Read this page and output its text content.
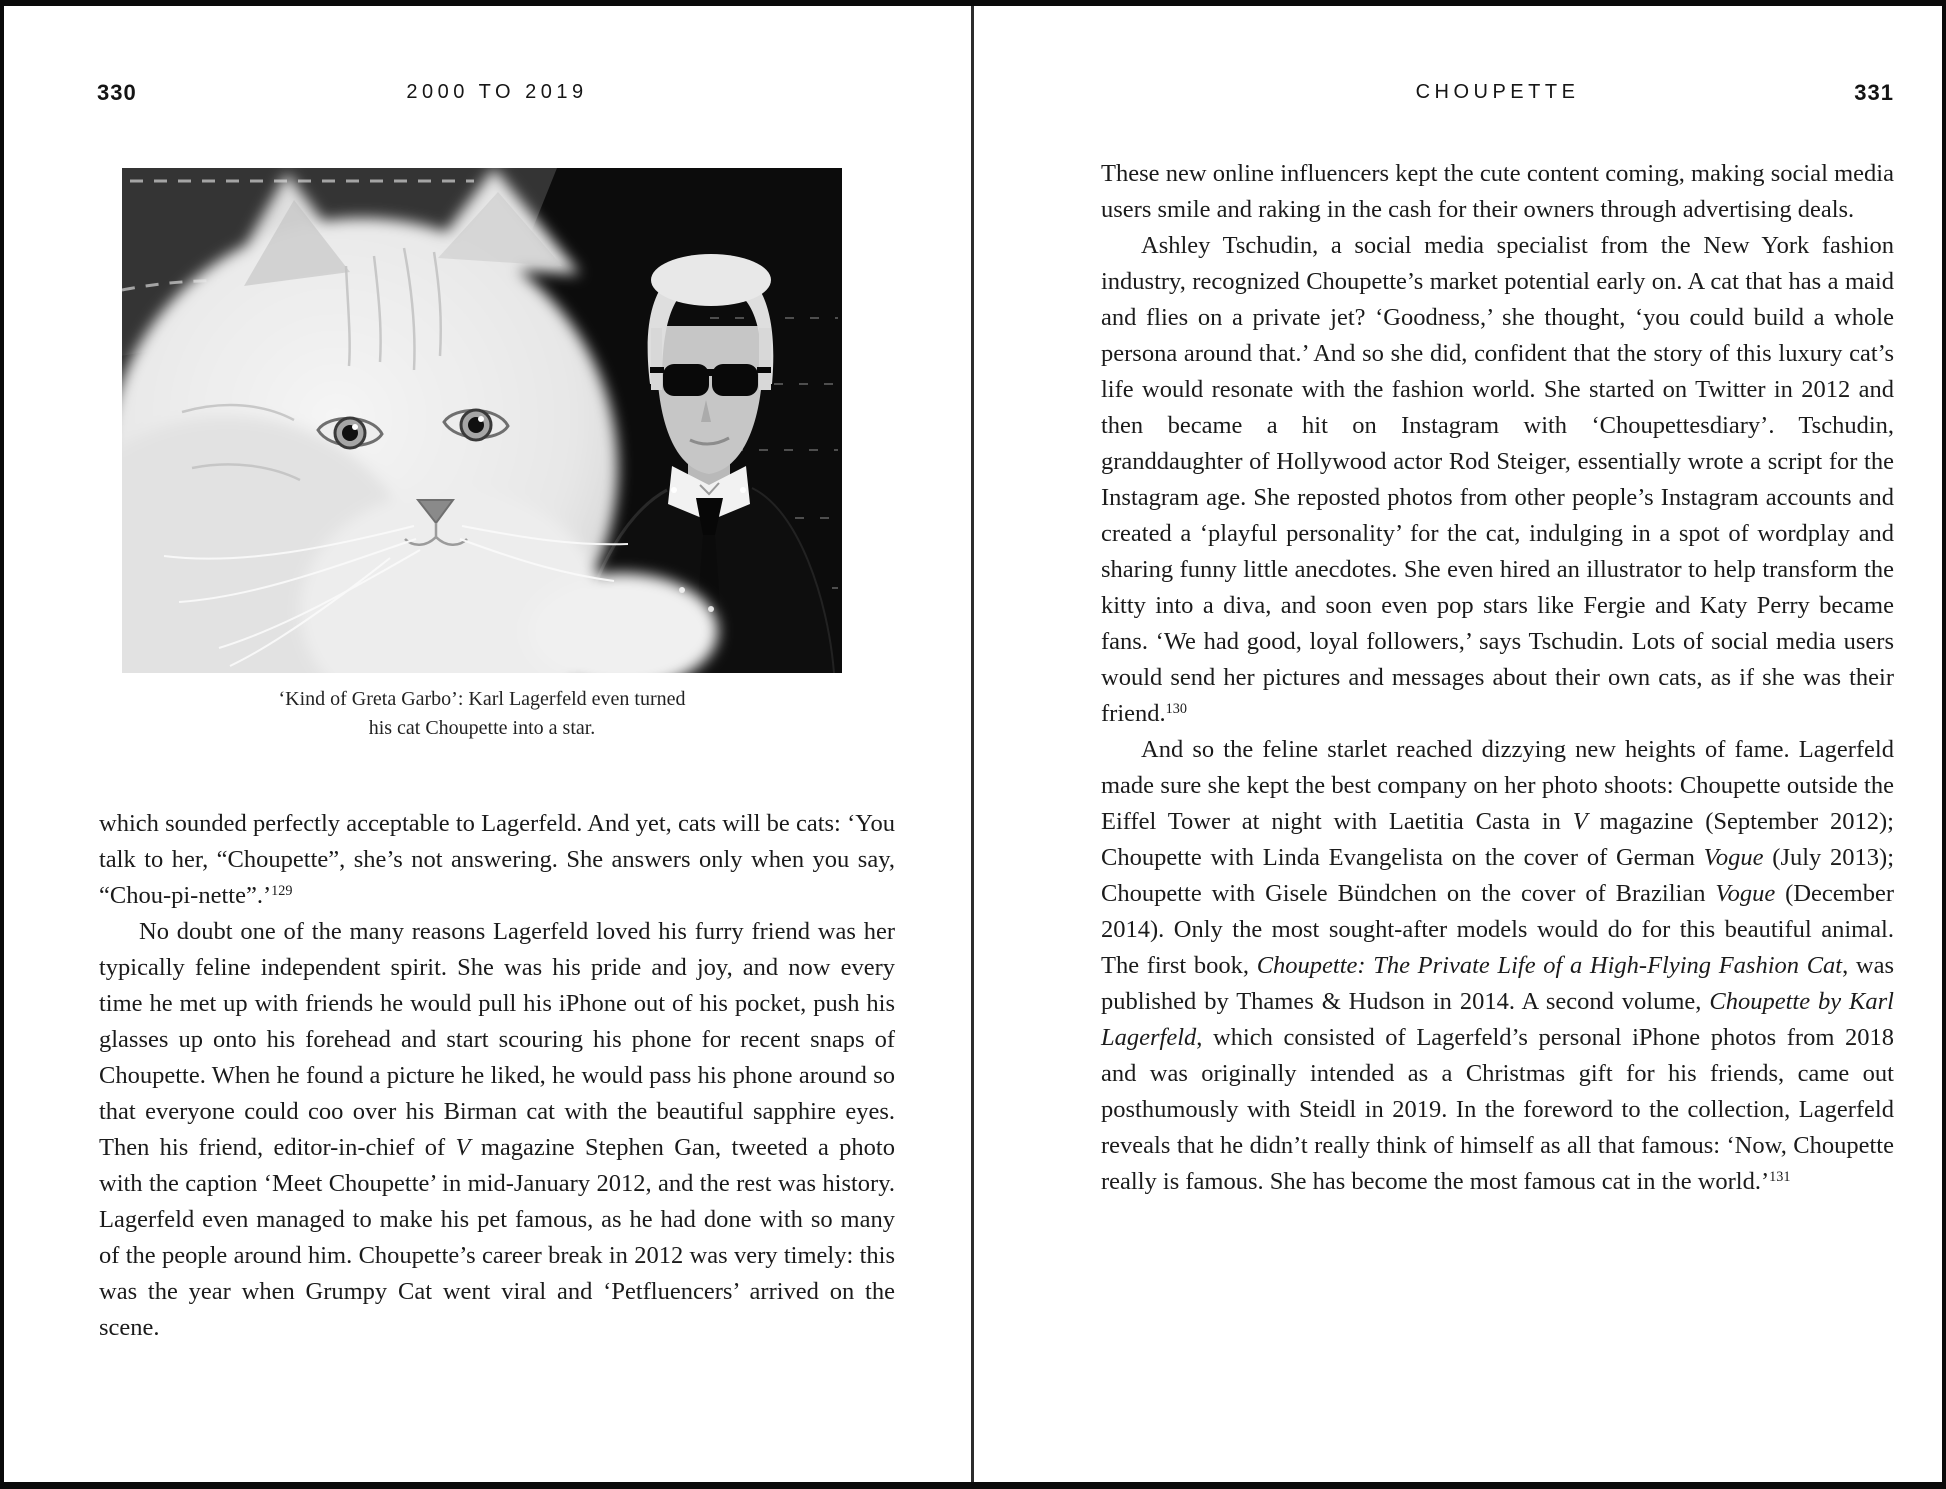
330	2000 TO 2019
‘Kind of Greta Garbo’: Karl Lagerfeld even turned
his cat Choupette into a star.

which sounded perfectly acceptable to Lagerfeld. And yet, cats will be cats: ‘You talk to her, “Choupette”, she’s not answering. She answers only when you say, “Chou-pi-nette”.’$^{129}$

No doubt one of the many reasons Lagerfeld loved his furry friend was her typically feline independent spirit. She was his pride and joy, and now every time he met up with friends he would pull his iPhone out of his pocket, push his glasses up onto his forehead and start scouring his phone for recent snaps of Choupette. When he found a picture he liked, he would pass his phone around so that everyone could coo over his Birman cat with the beautiful sapphire eyes. Then his friend, editor-in-chief of V magazine Stephen Gan, tweeted a photo with the caption ‘Meet Choupette’ in mid-January 2012, and the rest was history. Lagerfeld even managed to make his pet famous, as he had done with so many of the people around him. Choupette’s career break in 2012 was very timely: this was the year when Grumpy Cat went viral and ‘Petfluencers’ arrived on the scene.

CHOUPETTE	331

These new online influencers kept the cute content coming, making social media users smile and raking in the cash for their owners through advertising deals.

Ashley Tschudin, a social media specialist from the New York fashion industry, recognized Choupette’s market potential early on. A cat that has a maid and flies on a private jet? ‘Goodness,’ she thought, ‘you could build a whole persona around that.’ And so she did, confident that the story of this luxury cat’s life would resonate with the fashion world. She started on Twitter in 2012 and then became a hit on Instagram with ‘Choupettesdiary’. Tschudin, granddaughter of Hollywood actor Rod Steiger, essentially wrote a script for the Instagram age. She reposted photos from other people’s Instagram accounts and created a ‘playful personality’ for the cat, indulging in a spot of wordplay and sharing funny little anecdotes. She even hired an illustrator to help transform the kitty into a diva, and soon even pop stars like Fergie and Katy Perry became fans. ‘We had good, loyal followers,’ says Tschudin. Lots of social media users would send her pictures and messages about their own cats, as if she was their friend.$^{130}$

And so the feline starlet reached dizzying new heights of fame. Lagerfeld made sure she kept the best company on her photo shoots: Choupette outside the Eiffel Tower at night with Laetitia Casta in V magazine (September 2012); Choupette with Linda Evangelista on the cover of German Vogue (July 2013); Choupette with Gisele Bündchen on the cover of Brazilian Vogue (December 2014). Only the most sought-after models would do for this beautiful animal. The first book, Choupette: The Private Life of a High-Flying Fashion Cat, was published by Thames & Hudson in 2014. A second volume, Choupette by Karl Lagerfeld, which consisted of Lagerfeld’s personal iPhone photos from 2018 and was originally intended as a Christmas gift for his friends, came out posthumously with Steidl in 2019. In the foreword to the collection, Lagerfeld reveals that he didn’t really think of himself as all that famous: ‘Now, Choupette really is famous. She has become the most famous cat in the world.’$^{131}$
